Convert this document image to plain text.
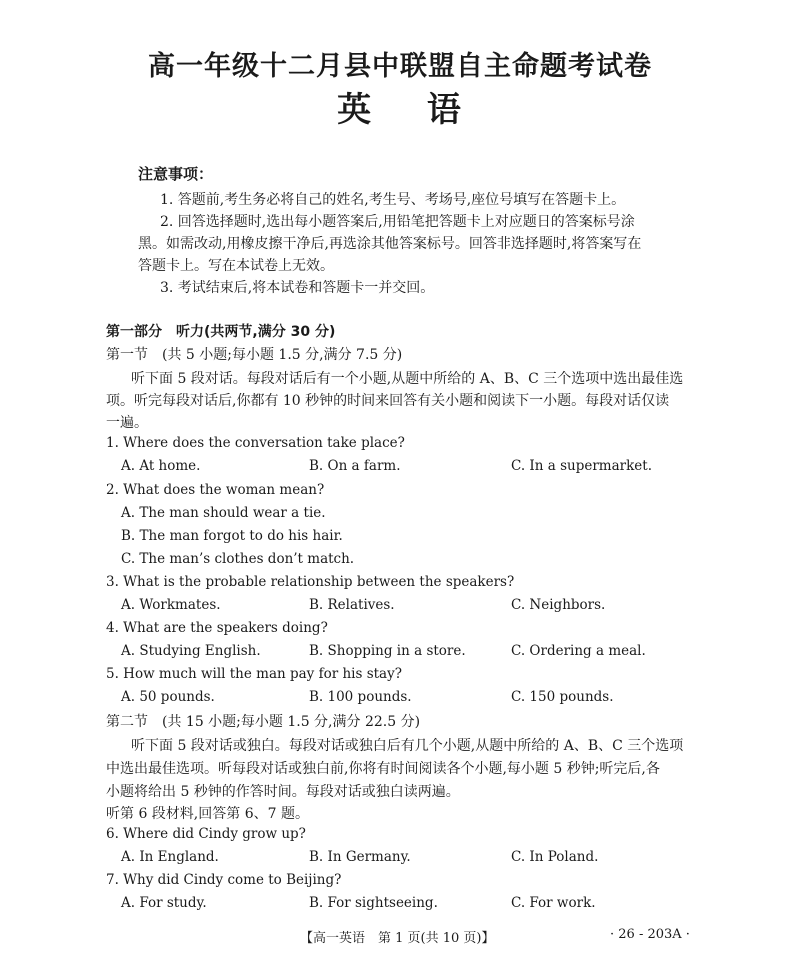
高一年级十二月县中联盟自主命题考试卷
英 语
注意事项：
1. 答题前,考生务必将自己的姓名,考生号、考场号,座位号填写在答题卡上。
2. 回答选择题时,选出每小题答案后,用铅笔把答题卡上对应题日的答案标号涂
黑。如需改动,用橡皮擦干净后,再选涂其他答案标号。回答非选择题时,将答案写在
答题卡上。写在本试卷上无效。
3. 考试结束后,将本试卷和答题卡一并交回。
第一部分　听力(共两节,满分 30 分)
第一节　(共 5 小题;每小题 1.5 分,满分 7.5 分)
听下面 5 段对话。每段对话后有一个小题,从题中所给的 A、B、C 三个选项中选出最佳选
项。听完每段对话后,你都有 10 秒钟的时间来回答有关小题和阅读下一小题。每段对话仅读
一遍。
1. Where does the conversation take place?
A. At home.	B. On a farm.	C. In a supermarket.
2. What does the woman mean?
A. The man should wear a tie.
B. The man forgot to do his hair.
C. The man’s clothes don’t match.
3. What is the probable relationship between the speakers?
A. Workmates.	B. Relatives.	C. Neighbors.
4. What are the speakers doing?
A. Studying English.	B. Shopping in a store.	C. Ordering a meal.
5. How much will the man pay for his stay?
A. 50 pounds.	B. 100 pounds.	C. 150 pounds.
第二节　(共 15 小题;每小题 1.5 分,满分 22.5 分)
听下面 5 段对话或独白。每段对话或独白后有几个小题,从题中所给的 A、B、C 三个选项
中选出最佳选项。听每段对话或独白前,你将有时间阅读各个小题,每小题 5 秒钟;听完后,各
小题将给出 5 秒钟的作答时间。每段对话或独白读两遍。
听第 6 段材料,回答第 6、7 题。
6. Where did Cindy grow up?
A. In England.	B. In Germany.	C. In Poland.
7. Why did Cindy come to Beijing?
A. For study.	B. For sightseeing.	C. For work.
【高一英语　第 1 页(共 10 页)】	· 26 - 203A ·
